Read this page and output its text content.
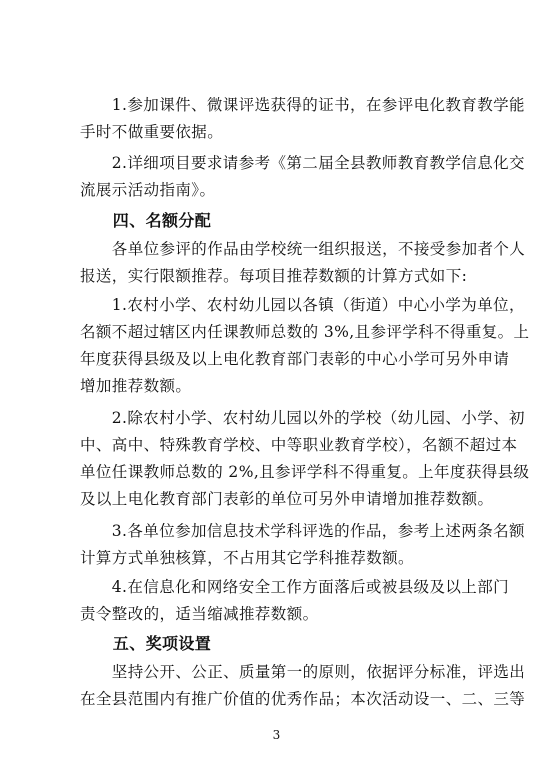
　　1.参加课件、微课评选获得的证书，在参评电化教育教学能
手时不做重要依据。
　　2.详细项目要求请参考《第二届全县教师教育教学信息化交
流展示活动指南》。
　　四、名额分配
　　各单位参评的作品由学校统一组织报送，不接受参加者个人
报送，实行限额推荐。每项目推荐数额的计算方式如下:
　　1.农村小学、农村幼儿园以各镇（街道）中心小学为单位，
名额不超过辖区内任课教师总数的 3%,且参评学科不得重复。上
年度获得县级及以上电化教育部门表彰的中心小学可另外申请
增加推荐数额。
　　2.除农村小学、农村幼儿园以外的学校（幼儿园、小学、初
中、高中、特殊教育学校、中等职业教育学校），名额不超过本
单位任课教师总数的 2%,且参评学科不得重复。上年度获得县级
及以上电化教育部门表彰的单位可另外申请增加推荐数额。
　　3.各单位参加信息技术学科评选的作品，参考上述两条名额
计算方式单独核算，不占用其它学科推荐数额。
　　4.在信息化和网络安全工作方面落后或被县级及以上部门
责令整改的，适当缩减推荐数额。
　　五、奖项设置
　　坚持公开、公正、质量第一的原则，依据评分标准，评选出
在全县范围内有推广价值的优秀作品；本次活动设一、二、三等
3
